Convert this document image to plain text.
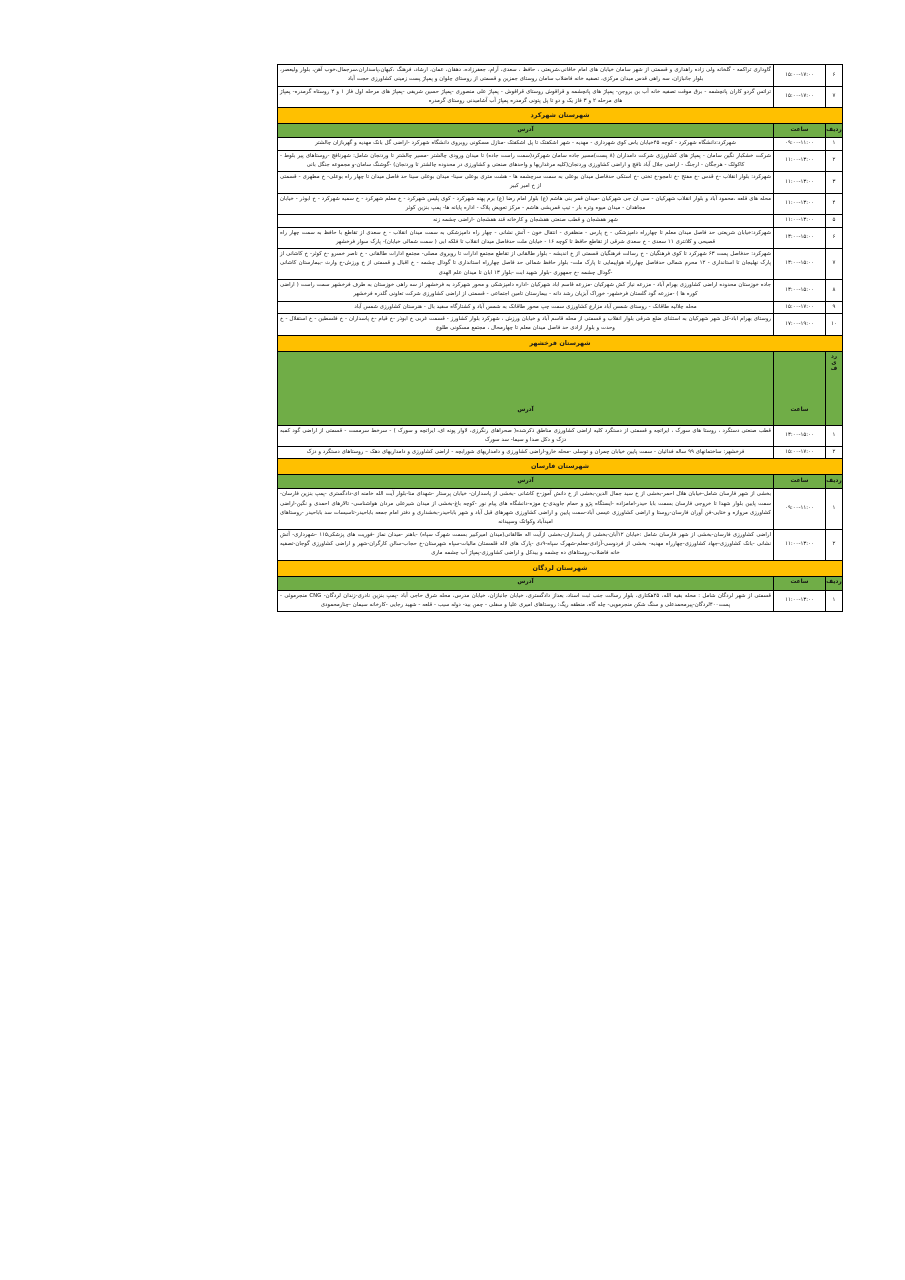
۶	۱۵:۰۰-۱۷:۰۰	گاوداری تراکمه - گلخانه ولی زاده راهداری و قسمتی از شهر سامان خیابان های امام خاقانی،شریعتی ، حافظ ، سعدی، آرام، جعفرزاده، دهقان، عمان، ارشاد، فرهنگ ،کیهان،پاسداران،سرجمال،خوب آهن، بلوار ولیعصر، بلوار جانبازان، سه راهی قدس میدان مرکزی، تصفیه خانه فاضلاب سامان روستای جمزین و قسمتی از روستای چلوان و پمپاژ پست زمینی کشاورزی حجت آباد
۷	۱۵:۰۰-۱۷:۰۰	تراتس گردو کاران پانچشمه - برق موقت تصفیه خانه آب بن بروجن- پمپاژ های پانچشمه و قراقوش روستای قراقوش - پمپاژ علی منصوری -پمپاژ حسین شریفی -پمپاژ های مرحله اول فاز ۱ و ۲ روستاه گرمدره- پمپاژ های مرحله ۲ و ۳ فاز یک و دو تا پل پتونی گرمدره پمپاژ آب آشامیدنی روستای گرمدره
شهرستان شهرکرد		
ردیف	ساعت	آدرس
۱	۰۹:۰۰-۱۱:۰۰	شهرکرد:دانشگاه شهرکرد - کوچه ۴۵خیابان یاس کوی شهرداری - مهدیه - شهر اشکفتک تا پل اشکفتک -منازل مسکونی روبروی دانشگاه شهرکرد -اراضی گل بانک مهدیه و گهربازان چالشتر
۲	۱۱:۰۰-۱۳:۰۰	شرکت خشکبار نگین سامان - پمپاژ های کشاورزی شرکت دامداران (۸ پست)مسیر جاده سامان شهرکرد(سمت راست جاده) تا میدان ورودی چالشتر -مسیر چالشتر تا وردنجان شامل: شهرنافچ -روستاهای پیر بلوط - کاکولک - هرجگان - ارجنگ - اراضی جلال آباد نافچ و اراضی کشاورزی وردنجان(کلیه مرغداریها و واحدهای صنعتی و کشاورزی در محدوده چالشتر تا وردنجان) -گوشنگ سامان-و مجموعه جنگل بانی
۳	۱۱:۰۰-۱۳:۰۰	شهرکرد: بلوار انقلاب -خ قدس -خ مفتح -خ نامجو-خ تختی -خ استکی حدفاصل میدان بوعلی به سمت سرچشمه ها - هشت متری بوعلی سینا- میدان بوعلی سینا حد فاصل میدان تا چهار راه بوعلی- خ مطهری - قسمتی از خ امیر کبیر
۴	۱۱:۰۰-۱۳:۰۰	محله های قلعه ،محمود آباد و بلوار انقلاب شهرکیان - سی ان جی شهرکیان -میدان قمر بنی هاشم (ع) بلوار امام رضا (ع) برم پهنه شهرکرد - کوی پلیس شهرکرد - خ معلم شهرکرد - خ سمیه شهرکرد - خ ابوذر - خیابان مجاهدان - میدان میوه وتره بار - تیپ قمریشی هاشم - مرکز تعویض پلاک - اداره پایانه ها- پمپ بنزین کوثر
۵	۱۱:۰۰-۱۳:۰۰	شهر هفشجان و قطب صنعتی هفشجان و کارخانه قند هفشجان -اراضی چشمه زنه
۶	۱۳:۰۰-۱۵:۰۰	شهرکرد:خیابان شریعتی حد فاصل میدان معلم تا چهارراه دامپزشکی - خ پارس - منظفری - انتقال خون - آتش نشانی - چهار راه دامپزشکی به سمت میدان انقلاب - خ سعدی از تقاطع با حافظ به سمت چهار راه قصیحی و کلانتری ۱۱ سعدی - خ سعدی شرقی از تقاطع حافظ تا کوچه ۱۶ - خیابان ملت حدفاصل میدان انقلاب تا فلکه ابی ( سمت شمالی خیابان)- پارک سوار فرخشهر
۷	۱۳:۰۰-۱۵:۰۰	شهرکرد: حدفاصل پست ۶۳ شهرکرد تا کوی فرهنگیان - خ رسالت فرهنگیان قسمتی از خ اندیشه - بلوار طالقانی از تقاطع مجتمع ادارات تا روبروی مصلی- مجتمع ادارات طالقانی - خ ناصر خسرو -خ کوثر- خ کاشانی از پارک نهلیجان تا استانداری - ۱۲ محرم شمالی حدفاصل چهارراه هواپیمایی تا پارک ملت- بلوار حافظ شمالی حد فاصل چهارراه استانداری تا گودال چشمه - خ اقبال و قسمتی از خ ورزش-خ وارث -بیمارستان کاشانی -گودال چشمه -خ جمهوری -بلوار شهید ابت -بلوار ۱۳ ابان تا میدان علم الهدی
۸	۱۳:۰۰-۱۵:۰۰	جاده خوزستان محدوده اراضی کشاورزی بهرام آباد - مزرعه نیاز کش شهرکیان -مزرعه قاسم اباد شهرکیان -اداره دامپزشکی و محور شهرکرد به فرخشهر از سه راهی خوزستان به طرف فرخشهر سمت راست ( اراضی کوره ها ) -مزرعه گود گلستان فرخشهر- خوراک آبزیان رشد دانه - بیمارستان تامین اجتماعی - قسمتی از اراضی کشاورزی شرکت تعاونی گلدره فرخشهر
۹	۱۵:۰۰-۱۷:۰۰	محله چلالیه طاقانک - روستای شمس آباد مزارع کشاورزی سمت چپ محور طاقانک به شمس آباد و کشتارگاه سفید بال - هنرستان کشاورزی شمس آباد
۱۰	۱۷:۰۰-۱۹:۰۰	روستای بهرام اباد-کل شهر شهرکیان به استثنای ضلع شرقی بلوار انقلاب و قسمتی از محله قاسم آباد و خیابان ورزش ، شهرکرد بلوار کشاورز - قسمت غربی خ ابوذر -خ قیام -خ پاسداران - خ فلسطین - خ استقلال - خ وحدت و بلوار ازادی حد فاصل میدان معلم تا چهارمحال ، مجتمع مسکونی طلوع
شهرستان فرخشهر		

رد
ی
ف	ساعت	آدرس
۱	۱۳:۰۰-۱۵:۰۰	قطب صنعتی دستگرد ، روستا های سورک ، ایراتچه و قسمتی از دستگرد کلیه اراضی کشاورزی مناطق ذکرشده( صحراهای رنگرزی، لاوار پونه ای، ایراتچه و سورک ) - سرخط سرمست - قسمتی از اراضی گود کمبه دزک و دکل صدا و سیما- سد سورک
۲	۱۵:۰۰-۱۷:۰۰	فرخشهر: ساختمانهای ۹۹ ساله فدائیان - سمت پایین خیابان چمران و توسلی -محله خارو-اراضی کشاورزی و دامداریهای شورابچه - اراضی کشاورزی و دامداریهای دهک – روستاهای دستگرد و دزک
شهرستان فارسان		
ردیف	ساعت	آدرس
۱	۰۹:۰۰-۱۱:۰۰	بخشی از شهر فارسان شامل-خیابان هلال احمر-بخشی از خ سید جمال الدین-بخشی از خ دانش آموز-خ کاشانی -بخشی از پاسداران- خیابان پرستار -شهدای منا-بلوار آیت الله خامنه ای-دادگستری -پمپ بنزین فارسان-سمت پایین بلوار شهدا تا خروجی فارسان بسمت بابا حیدر-امامزاده -ایستگاه پژو و حمام جاویدی-خ موزه-دانشگاه های پیام نور -کوچه باغ-بخشی از میدان شیرعلی مردان هواشناسی- تالارهای احمدی و نگین-اراضی کشاورزی مروازه و ختایی-فن آوران فارسان-روستا و اراضی کشاورزی عیسی آباد-سمت پایین و اراضی کشاورزی شهرهای قبل آباد و شهر باباحیدر-بخشداری و دفتر امام جمعه باباحیدر-تاسیسات سد باباحیدر -روستاهای امیدآباد وکواتک وسپیدانه
۲	۱۱:۰۰-۱۳:۰۰	اراضی کشاورزی فارسان-بخشی از شهر فارسان شامل :خیابان ۱۲آبان-بخشی از پاسداران-بخشی ازآیت اله طالقانی(میدان امیرکبیر بسمت شهرک سپاه) -باهنر -میدان نماز -فوریت های پزشکی۱۱۵ -شهرداری- آتش نشانی -بانک کشاورزی-جهاد کشاورزی-چهارراه مهدیه- بخشی از فردوسی-آزادی-معلم-شهرک سپاه-۹دی -پارک های لاله قلمستان مالیات-سپاه شهرستان-خ حجاب-سالن کارگران-شهر و اراضی کشاورزی گوجان-تصفیه خانه فاضلاب-روستاهای ده چشمه و بیدکل و اراضی کشاورزی-پمپاژ آب چشمه ماری
شهرستان لردگان		
ردیف	ساعت	آدرس
۱	۱۱:۰۰-۱۳:۰۰	قسمتی از شهر لردگان شامل : محله بقیه الله، ۲۵هکتاری، بلوار رسالت جنب ثبت اسناد، بعداز دادگستری، خیابان جانبازان، خیابان مدرس، محله شرق حاجی آباد -پمپ بنزین نادری-زندان لردگان- CNG منجرموئی - پست۴۰۰لردگان-پیرمحمدعلی و سنگ شکن منجرمویی- چله گاه، منطقه ریگ: روستاهای امیری علیا و سفلی - چمن بید- دوله سیب - قلعه - شهید رجایی -کارخانه سیمان -چنارمحمودی
